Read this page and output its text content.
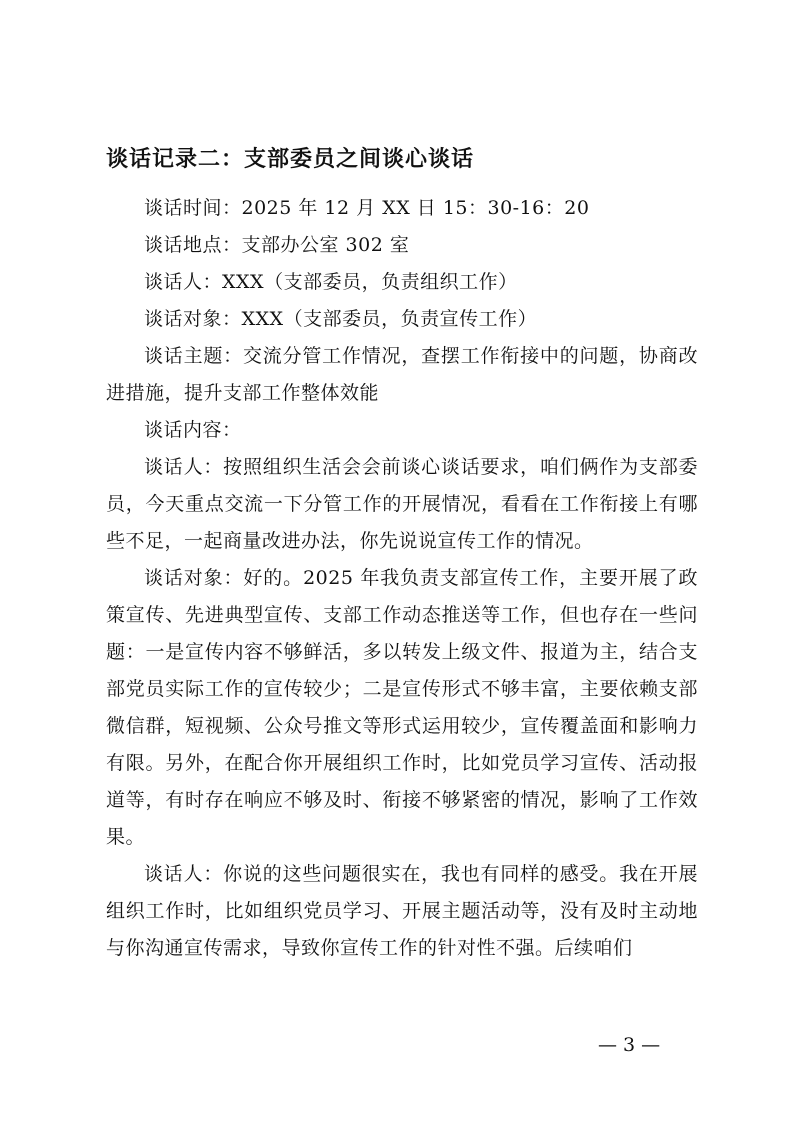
谈话记录二：支部委员之间谈心谈话
谈话时间：2025 年 12 月 XX 日 15：30-16：20
谈话地点：支部办公室 302 室
谈话人：XXX（支部委员，负责组织工作）
谈话对象：XXX（支部委员，负责宣传工作）
谈话主题：交流分管工作情况，查摆工作衔接中的问题，协商改进措施，提升支部工作整体效能
谈话内容：
谈话人：按照组织生活会会前谈心谈话要求，咱们俩作为支部委员，今天重点交流一下分管工作的开展情况，看看在工作衔接上有哪些不足，一起商量改进办法，你先说说宣传工作的情况。
谈话对象：好的。2025 年我负责支部宣传工作，主要开展了政策宣传、先进典型宣传、支部工作动态推送等工作，但也存在一些问题：一是宣传内容不够鲜活，多以转发上级文件、报道为主，结合支部党员实际工作的宣传较少；二是宣传形式不够丰富，主要依赖支部微信群，短视频、公众号推文等形式运用较少，宣传覆盖面和影响力有限。另外，在配合你开展组织工作时，比如党员学习宣传、活动报道等，有时存在响应不够及时、衔接不够紧密的情况，影响了工作效果。
谈话人：你说的这些问题很实在，我也有同样的感受。我在开展组织工作时，比如组织党员学习、开展主题活动等，没有及时主动地与你沟通宣传需求，导致你宣传工作的针对性不强。后续咱们
— 3 —
